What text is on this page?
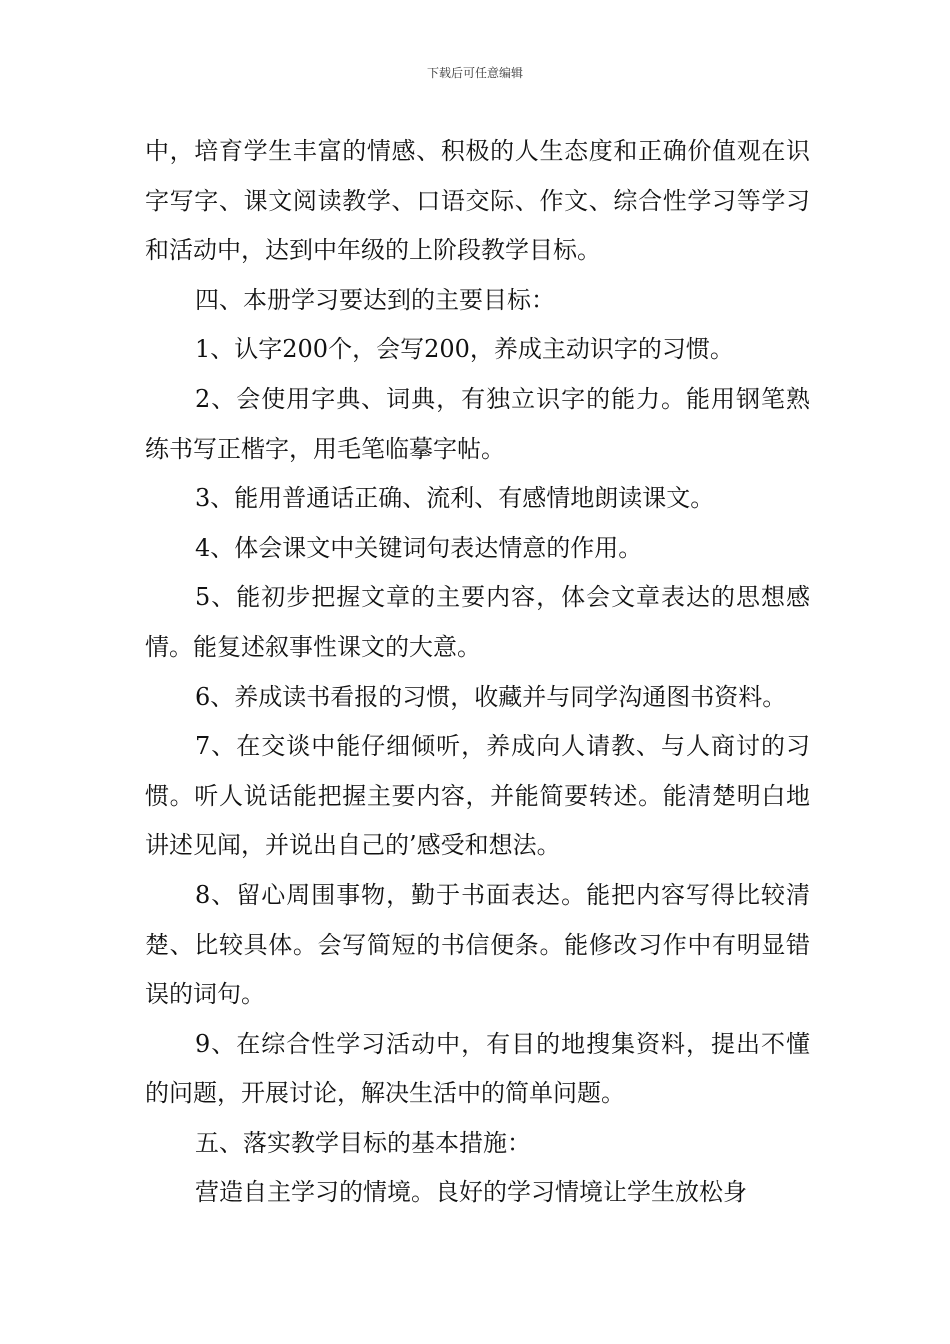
下载后可任意编辑

中，培育学生丰富的情感、积极的人生态度和正确价值观在识字写字、课文阅读教学、口语交际、作文、综合性学习等学习和活动中，达到中年级的上阶段教学目标。

四、本册学习要达到的主要目标：

1、认字200个，会写200，养成主动识字的习惯。

2、会使用字典、词典，有独立识字的能力。能用钢笔熟练书写正楷字，用毛笔临摹字帖。

3、能用普通话正确、流利、有感情地朗读课文。

4、体会课文中关键词句表达情意的作用。

5、能初步把握文章的主要内容，体会文章表达的思想感情。能复述叙事性课文的大意。

6、养成读书看报的习惯，收藏并与同学沟通图书资料。

7、在交谈中能仔细倾听，养成向人请教、与人商讨的习惯。听人说话能把握主要内容，并能简要转述。能清楚明白地讲述见闻，并说出自己的’感受和想法。

8、留心周围事物，勤于书面表达。能把内容写得比较清楚、比较具体。会写简短的书信便条。能修改习作中有明显错误的词句。

9、在综合性学习活动中，有目的地搜集资料，提出不懂的问题，开展讨论，解决生活中的简单问题。

五、落实教学目标的基本措施：

营造自主学习的情境。良好的学习情境让学生放松身
